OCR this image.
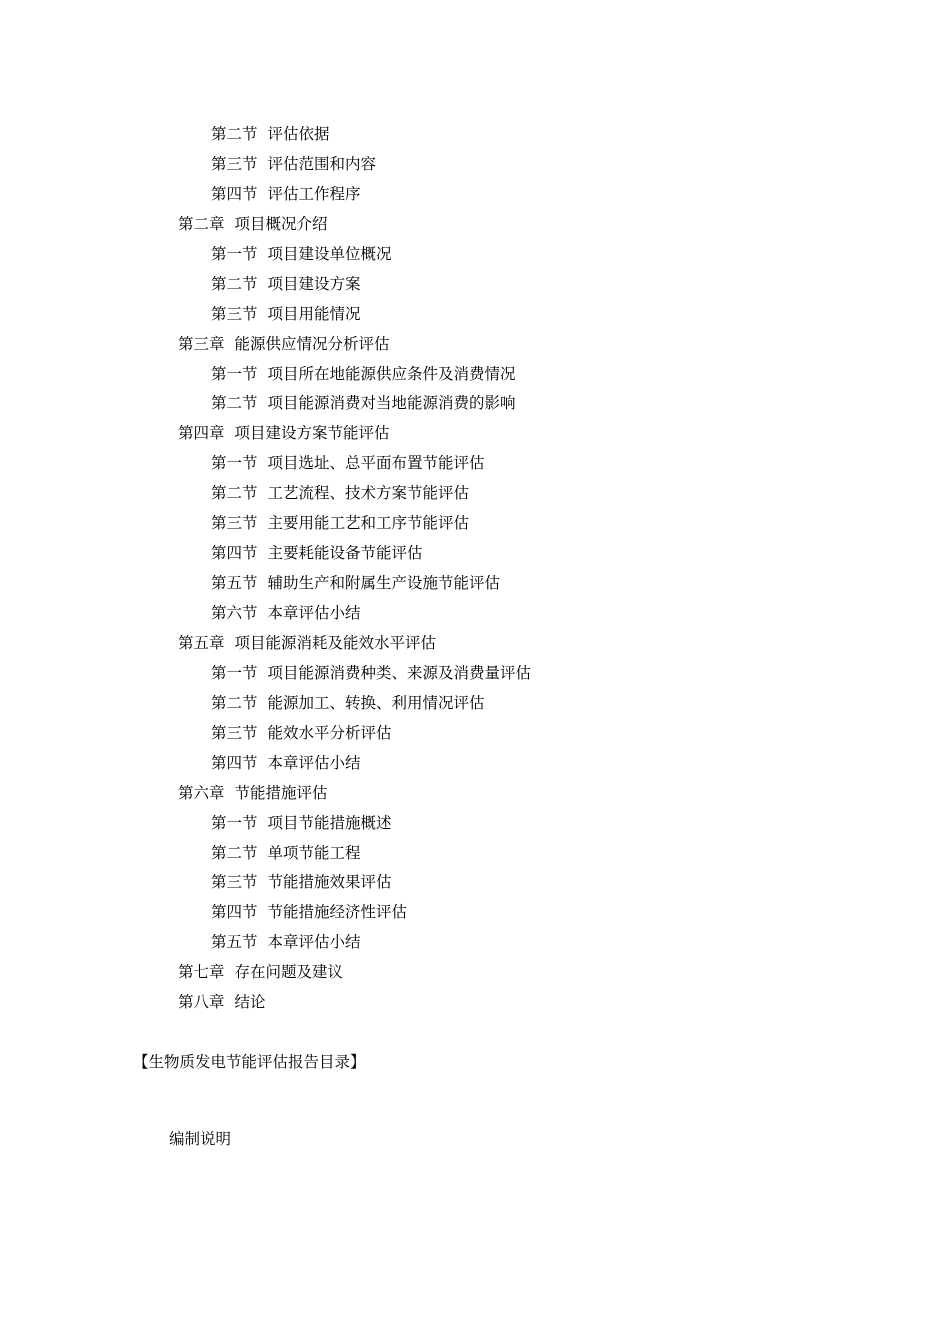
第二节 评估依据
第三节 评估范围和内容
第四节 评估工作程序
第二章 项目概况介绍
第一节 项目建设单位概况
第二节 项目建设方案
第三节 项目用能情况
第三章 能源供应情况分析评估
第一节 项目所在地能源供应条件及消费情况
第二节 项目能源消费对当地能源消费的影响
第四章 项目建设方案节能评估
第一节 项目选址、总平面布置节能评估
第二节 工艺流程、技术方案节能评估
第三节 主要用能工艺和工序节能评估
第四节 主要耗能设备节能评估
第五节 辅助生产和附属生产设施节能评估
第六节 本章评估小结
第五章 项目能源消耗及能效水平评估
第一节 项目能源消费种类、来源及消费量评估
第二节 能源加工、转换、利用情况评估
第三节 能效水平分析评估
第四节 本章评估小结
第六章 节能措施评估
第一节 项目节能措施概述
第二节 单项节能工程
第三节 节能措施效果评估
第四节 节能措施经济性评估
第五节 本章评估小结
第七章 存在问题及建议
第八章 结论
【生物质发电节能评估报告目录】
编制说明
